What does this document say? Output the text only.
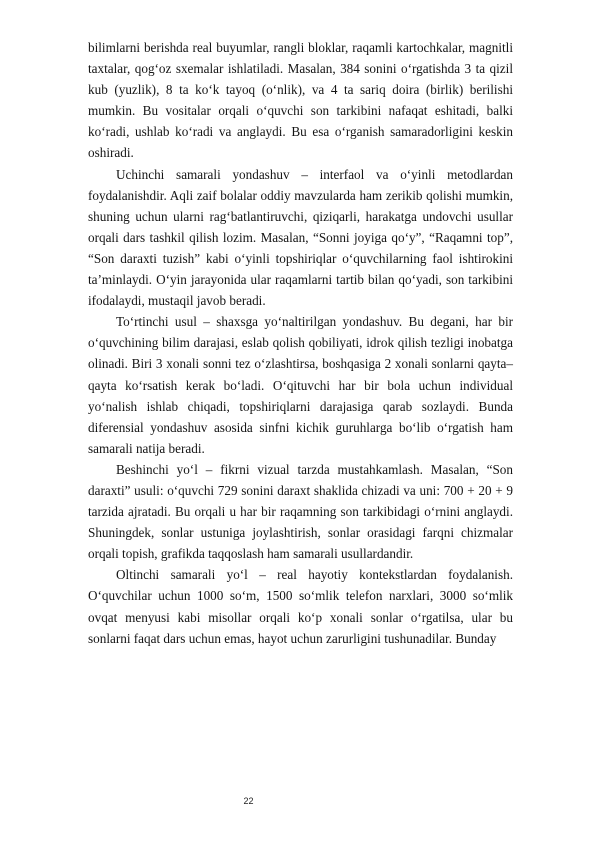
bilimlarni berishda real buyumlar, rangli bloklar, raqamli kartochkalar, magnitli taxtalar, qog‘oz sxemalar ishlatiladi. Masalan, 384 sonini o‘rgatishda 3 ta qizil kub (yuzlik), 8 ta ko‘k tayoq (o‘nlik), va 4 ta sariq doira (birlik) berilishi mumkin. Bu vositalar orqali o‘quvchi son tarkibini nafaqat eshitadi, balki ko‘radi, ushlab ko‘radi va anglaydi. Bu esa o‘rganish samaradorligini keskin oshiradi.

Uchinchi samarali yondashuv – interfaol va o‘yinli metodlardan foydalanishdir. Aqli zaif bolalar oddiy mavzularda ham zerikib qolishi mumkin, shuning uchun ularni rag‘batlantiruvchi, qiziqarli, harakatga undovchi usullar orqali dars tashkil qilish lozim. Masalan, “Sonni joyiga qo‘y”, “Raqamni top”, “Son daraxti tuzish” kabi o‘yinli topshiriqlar o‘quvchilarning faol ishtirokini ta’minlaydi. O‘yin jarayonida ular raqamlarni tartib bilan qo‘yadi, son tarkibini ifodalaydi, mustaqil javob beradi.

To‘rtinchi usul – shaxsga yo‘naltirilgan yondashuv. Bu degani, har bir o‘quvchining bilim darajasi, eslab qolish qobiliyati, idrok qilish tezligi inobatga olinadi. Biri 3 xonali sonni tez o‘zlashtirsa, boshqasiga 2 xonali sonlarni qayta–qayta ko‘rsatish kerak bo‘ladi. O‘qituvchi har bir bola uchun individual yo‘nalish ishlab chiqadi, topshiriqlarni darajasiga qarab sozlaydi. Bunda diferensial yondashuv asosida sinfni kichik guruhlarga bo‘lib o‘rgatish ham samarali natija beradi.

Beshinchi yo‘l – fikrni vizual tarzda mustahkamlash. Masalan, “Son daraxti” usuli: o‘quvchi 729 sonini daraxt shaklida chizadi va uni: 700 + 20 + 9 tarzida ajratadi. Bu orqali u har bir raqamning son tarkibidagi o‘rnini anglaydi. Shuningdek, sonlar ustuniga joylashtirish, sonlar orasidagi farqni chizmalar orqali topish, grafikda taqqoslash ham samarali usullardandir.

Oltinchi samarali yo‘l – real hayotiy kontekstlardan foydalanish. O‘quvchilar uchun 1000 so‘m, 1500 so‘mlik telefon narxlari, 3000 so‘mlik ovqat menyusi kabi misollar orqali ko‘p xonali sonlar o‘rgatilsa, ular bu sonlarni faqat dars uchun emas, hayot uchun zarurligini tushunadilar. Bunday

22
